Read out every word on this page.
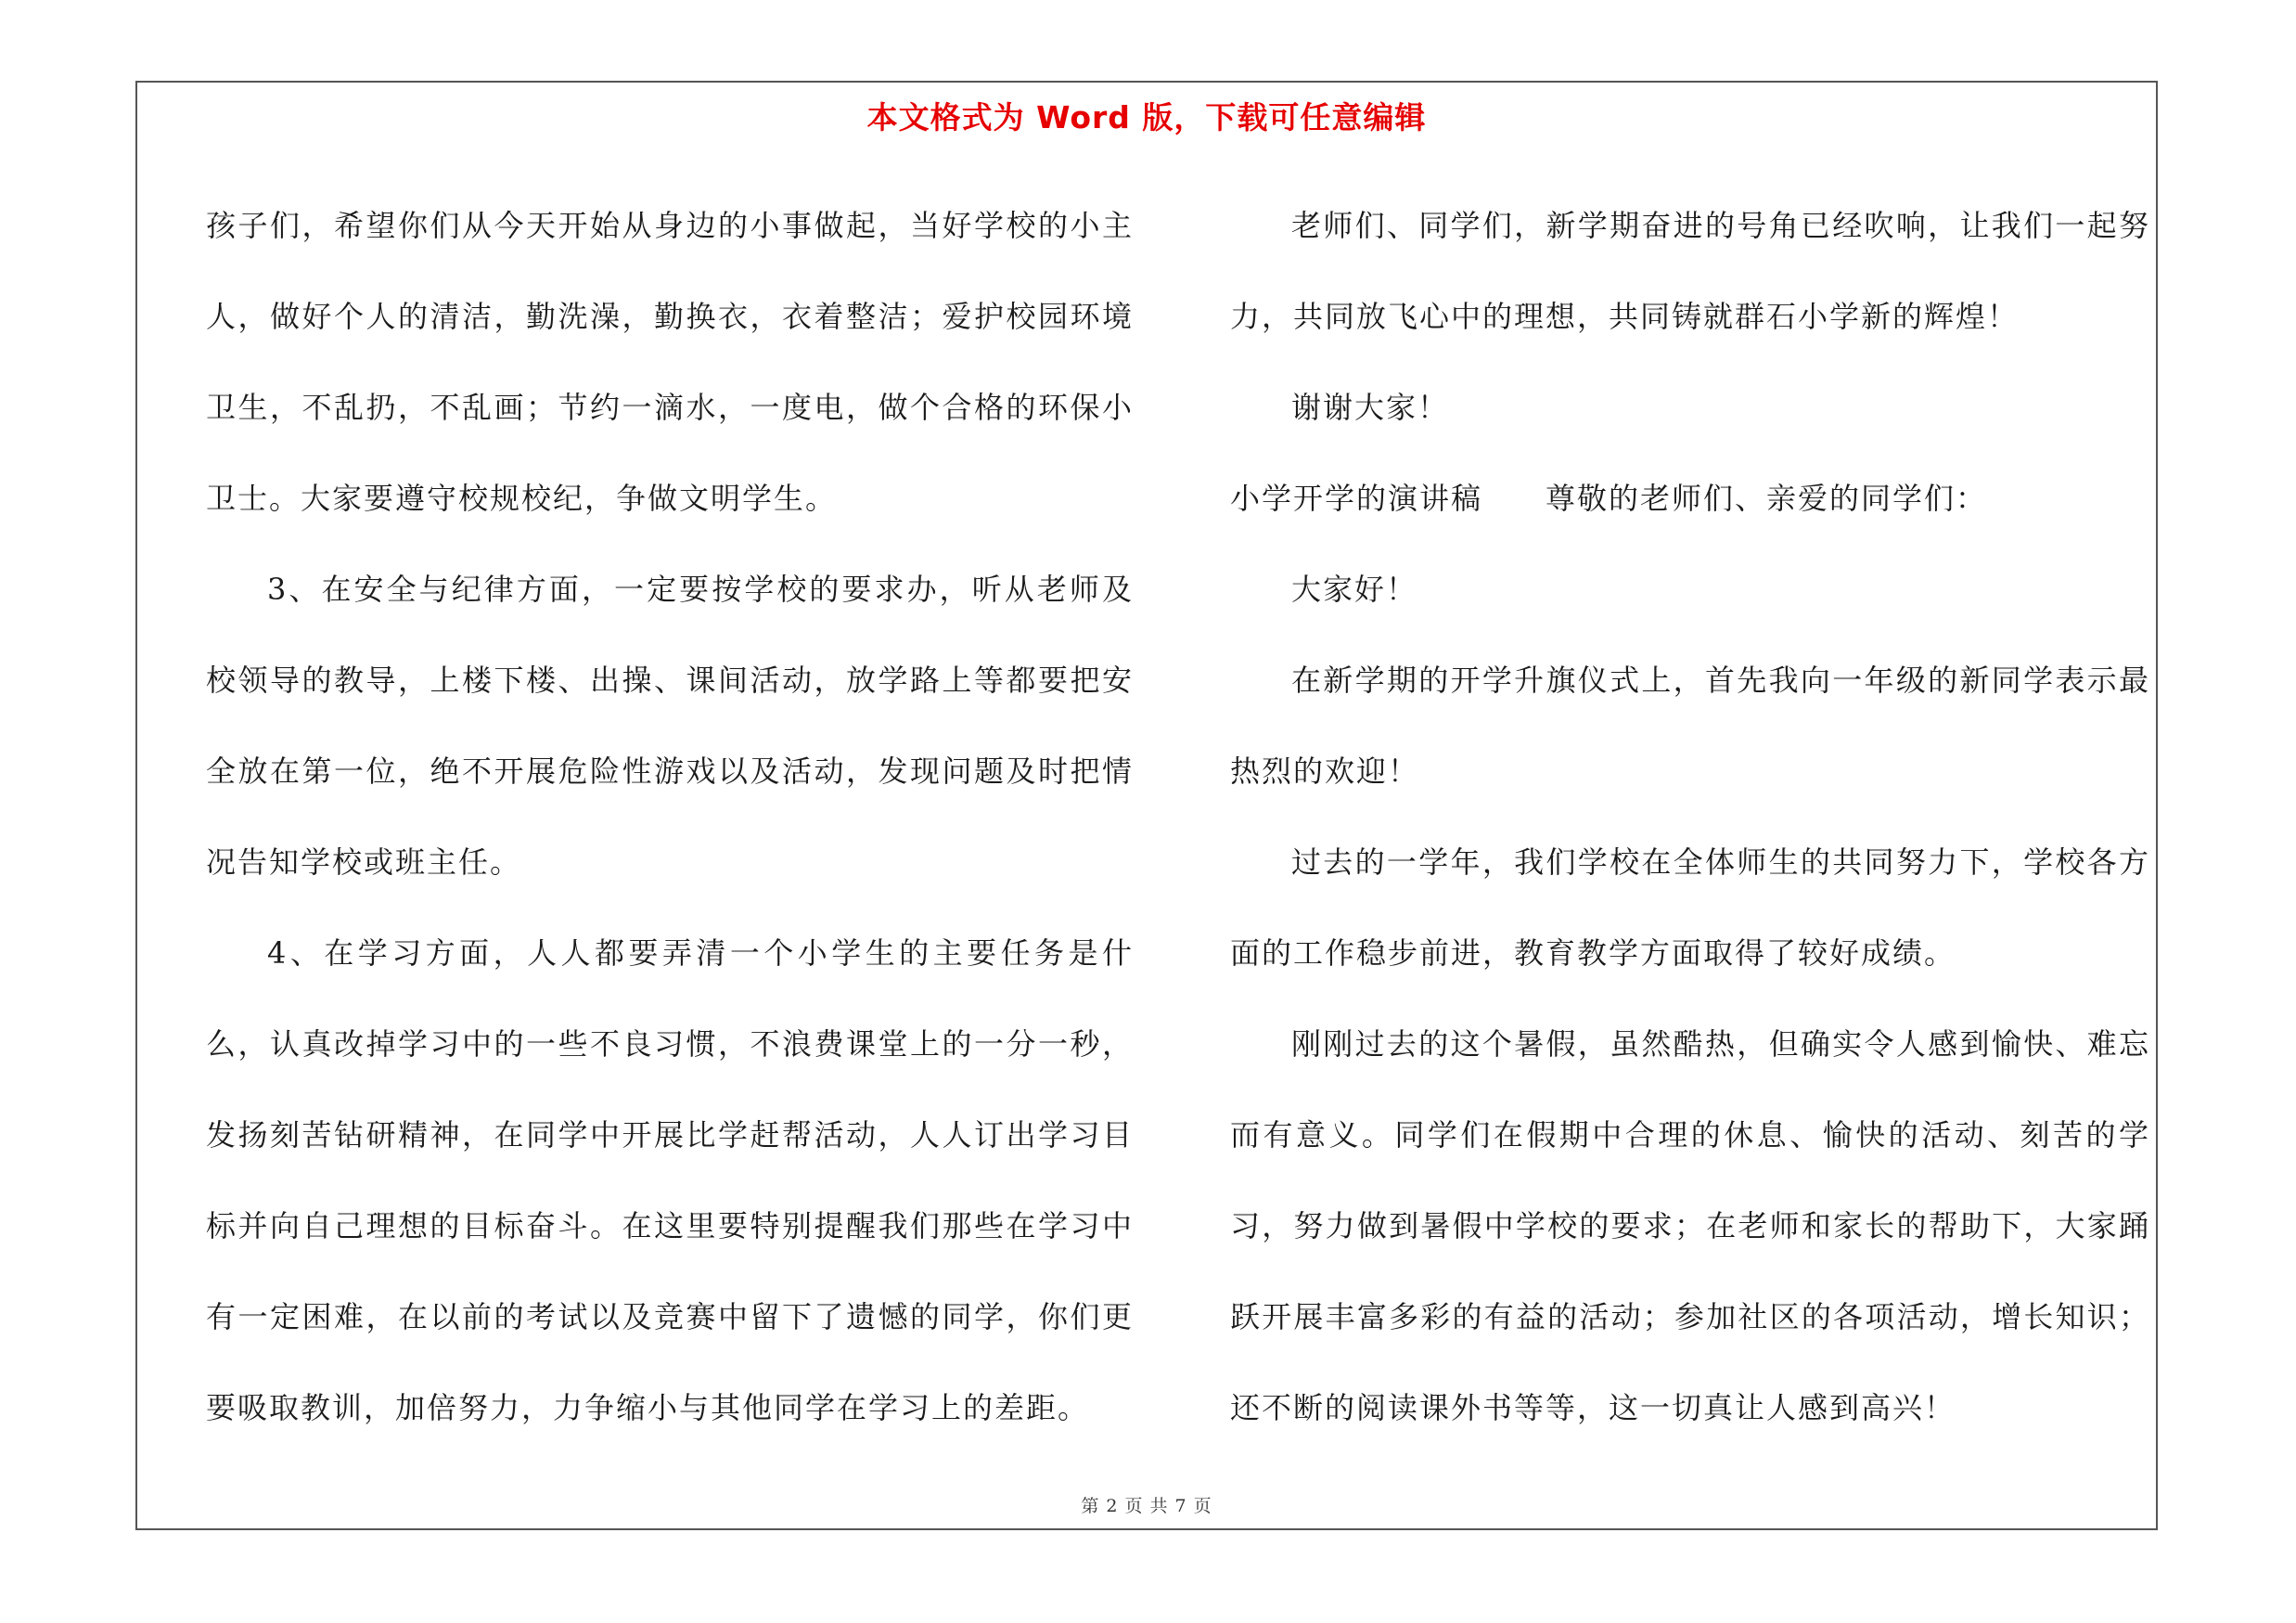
本文格式为 Word 版，下载可任意编辑

孩子们，希望你们从今天开始从身边的小事做起，当好学校的小主人，做好个人的清洁，勤洗澡，勤换衣，衣着整洁；爱护校园环境卫生，不乱扔，不乱画；节约一滴水，一度电，做个合格的环保小卫士。大家要遵守校规校纪，争做文明学生。

3、在安全与纪律方面，一定要按学校的要求办，听从老师及校领导的教导，上楼下楼、出操、课间活动，放学路上等都要把安全放在第一位，绝不开展危险性游戏以及活动，发现问题及时把情况告知学校或班主任。

4、在学习方面，人人都要弄清一个小学生的主要任务是什么，认真改掉学习中的一些不良习惯，不浪费课堂上的一分一秒，发扬刻苦钻研精神，在同学中开展比学赶帮活动，人人订出学习目标并向自己理想的目标奋斗。在这里要特别提醒我们那些在学习中有一定困难，在以前的考试以及竞赛中留下了遗憾的同学，你们更要吸取教训，加倍努力，力争缩小与其他同学在学习上的差距。

老师们、同学们，新学期奋进的号角已经吹响，让我们一起努力，共同放飞心中的理想，共同铸就群石小学新的辉煌！

谢谢大家！

小学开学的演讲稿　　尊敬的老师们、亲爱的同学们：

大家好！

在新学期的开学升旗仪式上，首先我向一年级的新同学表示最热烈的欢迎！

过去的一学年，我们学校在全体师生的共同努力下，学校各方面的工作稳步前进，教育教学方面取得了较好成绩。

刚刚过去的这个暑假，虽然酷热，但确实令人感到愉快、难忘而有意义。同学们在假期中合理的休息、愉快的活动、刻苦的学习，努力做到暑假中学校的要求；在老师和家长的帮助下，大家踊跃开展丰富多彩的有益的活动；参加社区的各项活动，增长知识；还不断的阅读课外书等等，这一切真让人感到高兴！

第 2 页 共 7 页
